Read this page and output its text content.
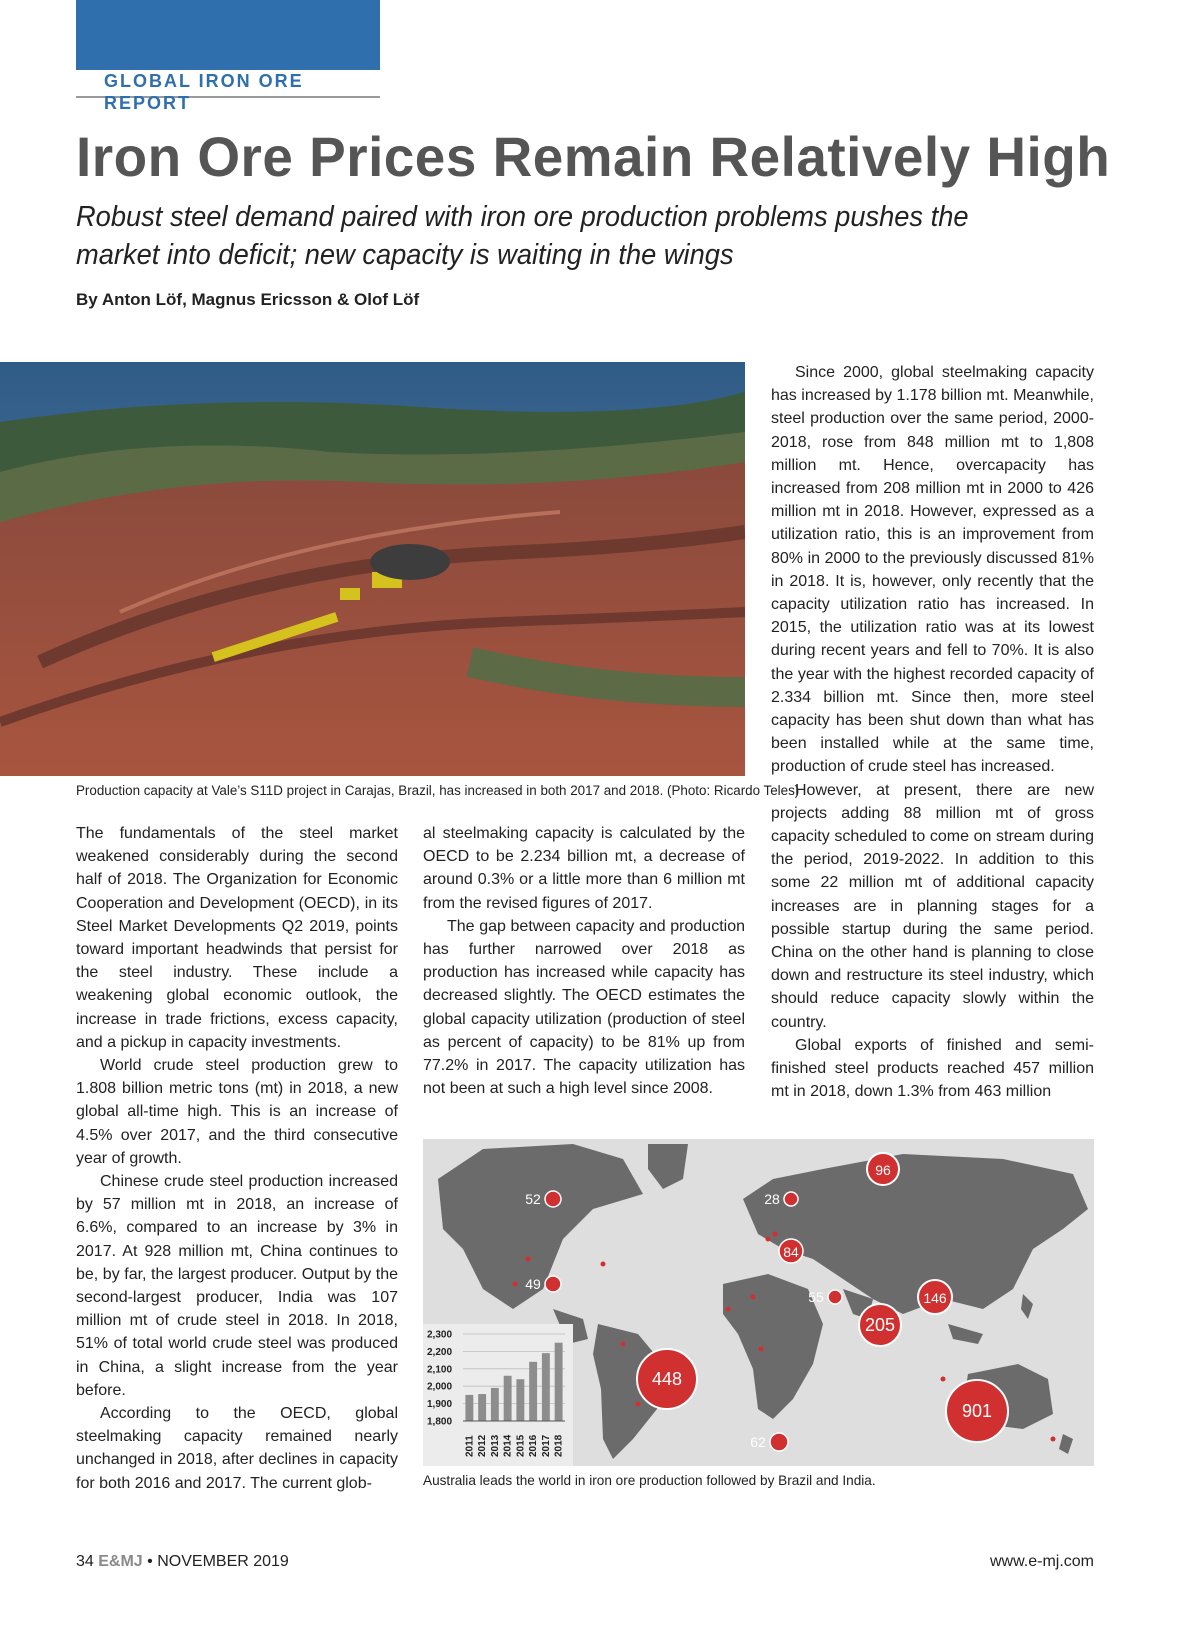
GLOBAL IRON ORE REPORT
Iron Ore Prices Remain Relatively High
Robust steel demand paired with iron ore production problems pushes the market into deficit; new capacity is waiting in the wings
By Anton Löf, Magnus Ericsson & Olof Löf
Production capacity at Vale’s S11D project in Carajas, Brazil, has increased in both 2017 and 2018. (Photo: Ricardo Teles)

The fundamentals of the steel market weakened considerably during the second half of 2018. The Organization for Economic Cooperation and Development (OECD), in its Steel Market Developments Q2 2019, points toward important headwinds that persist for the steel industry. These include a weakening global economic outlook, the increase in trade frictions, excess capacity, and a pickup in capacity investments.

World crude steel production grew to 1.808 billion metric tons (mt) in 2018, a new global all-time high. This is an increase of 4.5% over 2017, and the third consecutive year of growth.

Chinese crude steel production increased by 57 million mt in 2018, an increase of 6.6%, compared to an increase by 3% in 2017. At 928 million mt, China continues to be, by far, the largest producer. Output by the second-largest producer, India was 107 million mt of crude steel in 2018. In 2018, 51% of total world crude steel was produced in China, a slight increase from the year before.

According to the OECD, global steelmaking capacity remained nearly unchanged in 2018, after declines in capacity for both 2016 and 2017. The current glob-

al steelmaking capacity is calculated by the OECD to be 2.234 billion mt, a decrease of around 0.3% or a little more than 6 million mt from the revised figures of 2017.

The gap between capacity and production has further narrowed over 2018 as production has increased while capacity has decreased slightly. The OECD estimates the global capacity utilization (production of steel as percent of capacity) to be 81% up from 77.2% in 2017. The capacity utilization has not been at such a high level since 2008.

Since 2000, global steelmaking capacity has increased by 1.178 billion mt. Meanwhile, steel production over the same period, 2000-2018, rose from 848 million mt to 1,808 million mt. Hence, overcapacity has increased from 208 million mt in 2000 to 426 million mt in 2018. However, expressed as a utilization ratio, this is an improvement from 80% in 2000 to the previously discussed 81% in 2018. It is, however, only recently that the capacity utilization ratio has increased. In 2015, the utilization ratio was at its lowest during recent years and fell to 70%. It is also the year with the highest recorded capacity of 2.334 billion mt. Since then, more steel capacity has been shut down than what has been installed while at the same time, production of crude steel has increased.

However, at present, there are new projects adding 88 million mt of gross capacity scheduled to come on stream during the period, 2019-2022. In addition to this some 22 million mt of additional capacity increases are in planning stages for a possible startup during the same period. China on the other hand is planning to close down and restructure its steel industry, which should reduce capacity slowly within the country.

Global exports of finished and semi-finished steel products reached 457 million mt in 2018, down 1.3% from 463 million

52
49
28
84
96
55	146
205
448
62
901
2,300
2,200
2,100
2,000
1,900
1,800
2011 2012 2013 2014 2015 2016 2017 2018
Australia leads the world in iron ore production followed by Brazil and India.
34 E&MJ • NOVEMBER 2019	www.e-mj.com
